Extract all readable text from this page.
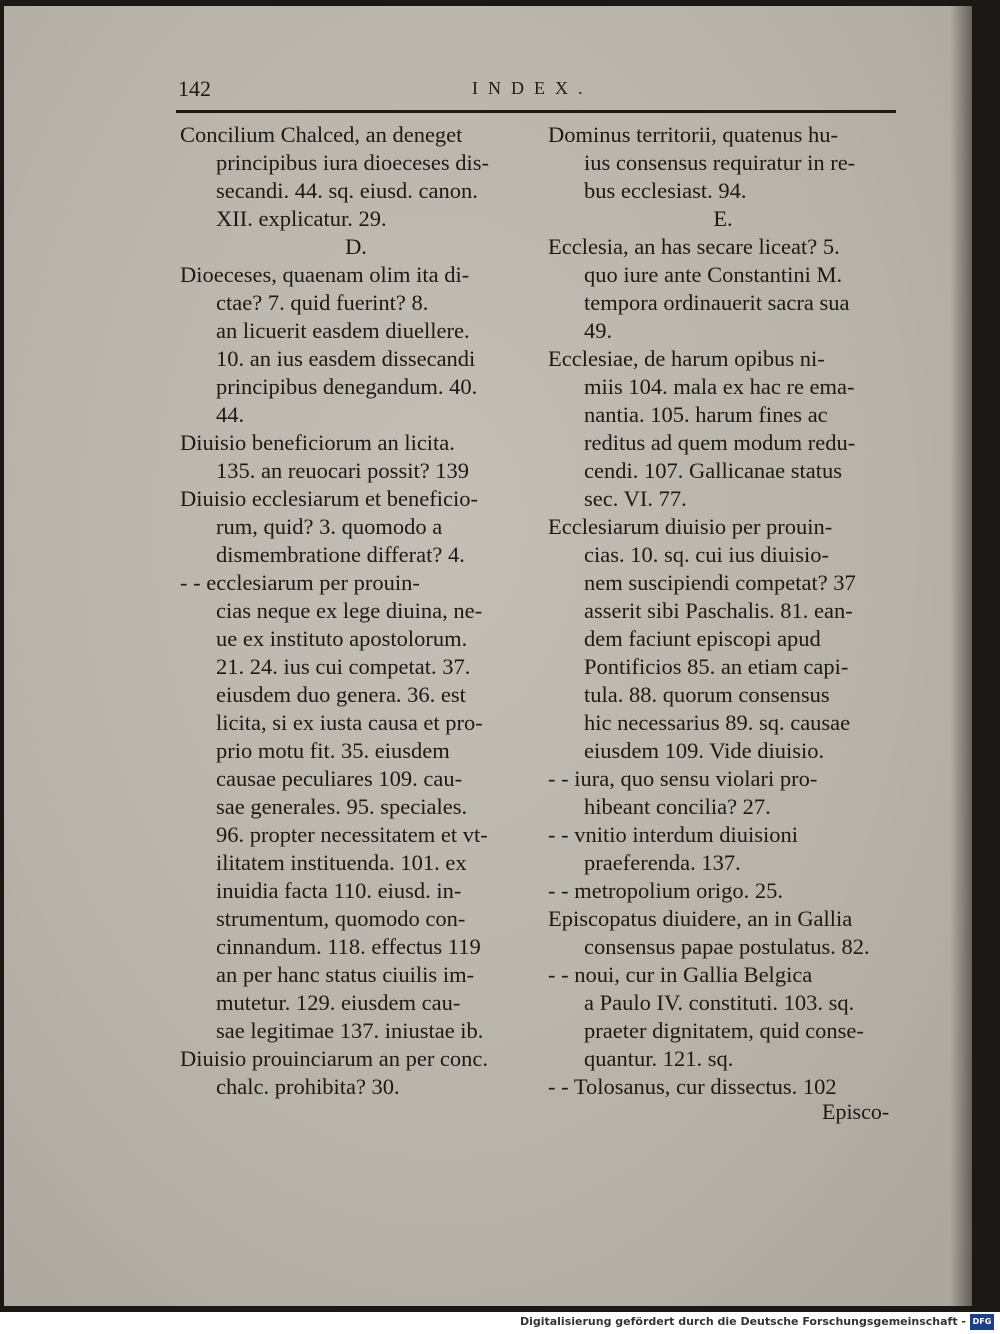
142	INDEX.
Concilium Chalced, an deneget
principibus iura dioeceses dis-
secandi. 44. sq. eiusd. canon.
XII. explicatur. 29.
D.
Dioeceses, quaenam olim ita di-
ctae? 7. quid fuerint? 8.
an licuerit easdem diuellere.
10. an ius easdem dissecandi
principibus denegandum. 40.
44.
Diuisio beneficiorum an licita.
135. an reuocari possit? 139
Diuisio ecclesiarum et beneficio-
rum, quid? 3. quomodo a
dismembratione differat? 4.
- - ecclesiarum per prouin-
cias neque ex lege diuina, ne-
ue ex instituto apostolorum.
21. 24. ius cui competat. 37.
eiusdem duo genera. 36. est
licita, si ex iusta causa et pro-
prio motu fit. 35. eiusdem
causae peculiares 109. cau-
sae generales. 95. speciales.
96. propter necessitatem et vt-
ilitatem instituenda. 101. ex
inuidia facta 110. eiusd. in-
strumentum, quomodo con-
cinnandum. 118. effectus 119
an per hanc status ciuilis im-
mutetur. 129. eiusdem cau-
sae legitimae 137. iniustae ib.
Diuisio prouinciarum an per conc.
chalc. prohibita? 30.
Dominus territorii, quatenus hu-
ius consensus requiratur in re-
bus ecclesiast. 94.
E.
Ecclesia, an has secare liceat? 5.
quo iure ante Constantini M.
tempora ordinauerit sacra sua
49.
Ecclesiae, de harum opibus ni-
miis 104. mala ex hac re ema-
nantia. 105. harum fines ac
reditus ad quem modum redu-
cendi. 107. Gallicanae status
sec. VI. 77.
Ecclesiarum diuisio per prouin-
cias. 10. sq. cui ius diuisio-
nem suscipiendi competat? 37
asserit sibi Paschalis. 81. ean-
dem faciunt episcopi apud
Pontificios 85. an etiam capi-
tula. 88. quorum consensus
hic necessarius 89. sq. causae
eiusdem 109. Vide diuisio.
- - iura, quo sensu violari pro-
hibeant concilia? 27.
- - vnitio interdum diuisioni
praeferenda. 137.
- - metropolium origo. 25.
Episcopatus diuidere, an in Gallia
consensus papae postulatus. 82.
- - noui, cur in Gallia Belgica
a Paulo IV. constituti. 103. sq.
praeter dignitatem, quid conse-
quantur. 121. sq.
- - Tolosanus, cur dissectus. 102
Episco-
Digitalisierung gefördert durch die Deutsche Forschungsgemeinschaft - DFG
